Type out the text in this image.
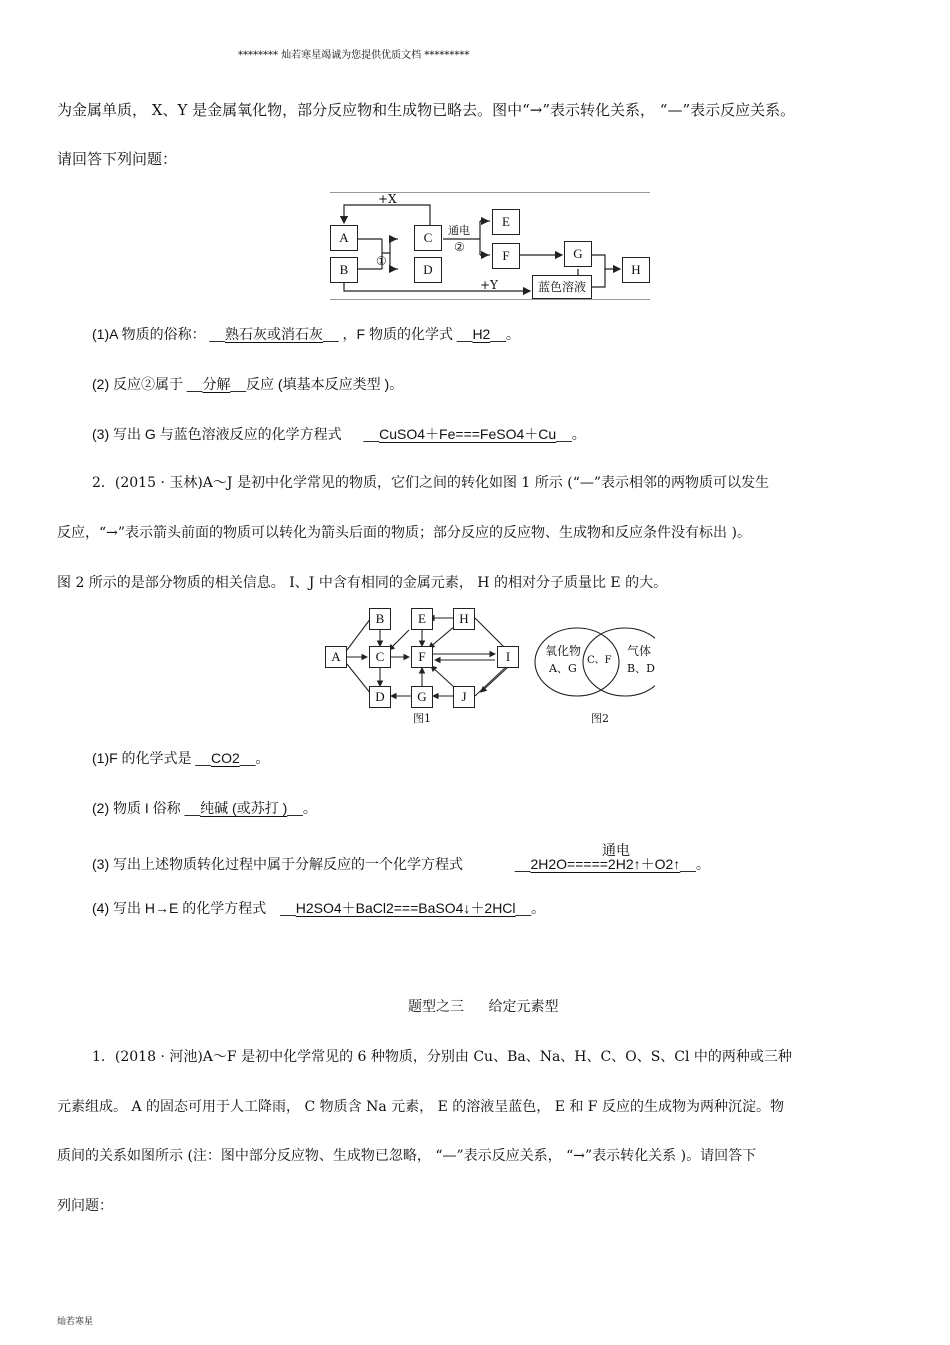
******** 灿若寒星竭诚为您提供优质文档 *********
为金属单质， X、Y 是金属氧化物，部分反应物和生成物已略去。图中“→”表示转化关系， “—”表示反应关系。
请回答下列问题：
A
B
C
D
E
F	G
H
蓝色溶液
+X
+Y
①
通电
②
(1)A 物质的俗称： __熟石灰或消石灰__ ，F 物质的化学式 __H2__。
(2) 反应②属于 __分解__反应 (填基本反应类型 )。
(3) 写出 G 与蓝色溶液反应的化学方程式 __CuSO4＋Fe===FeSO4＋Cu__。
2．(2015 · 玉林)A～J 是初中化学常见的物质，它们之间的转化如图 1 所示 (“—”表示相邻的两物质可以发生
反应，“→”表示箭头前面的物质可以转化为箭头后面的物质；部分反应的反应物、生成物和反应条件没有标出 )。
图 2 所示的是部分物质的相关信息。 I、J 中含有相同的金属元素， H 的相对分子质量比 E 的大。
A
B
C
D
E
F
G
H
I
J
图1
氧化物
A、G
C、F
气体
B、D
图2
(1)F 的化学式是 __CO2__。
(2) 物质 I 俗称 __纯碱 (或苏打 )__。
通电
(3) 写出上述物质转化过程中属于分解反应的一个化学方程式	__2H2O=====2H2↑＋O2↑__。
(4) 写出 H→E 的化学方程式 __H2SO4＋BaCl2===BaSO4↓＋2HCl__。
题型之三 给定元素型
1．(2018 · 河池)A～F 是初中化学常见的 6 种物质，分别由 Cu、Ba、Na、H、C、O、S、Cl 中的两种或三种
元素组成。 A 的固态可用于人工降雨， C 物质含 Na 元素， E 的溶液呈蓝色， E 和 F 反应的生成物为两种沉淀。物
质间的关系如图所示 (注：图中部分反应物、生成物已忽略， “—”表示反应关系， “→”表示转化关系 )。请回答下
列问题：
灿若寒星
